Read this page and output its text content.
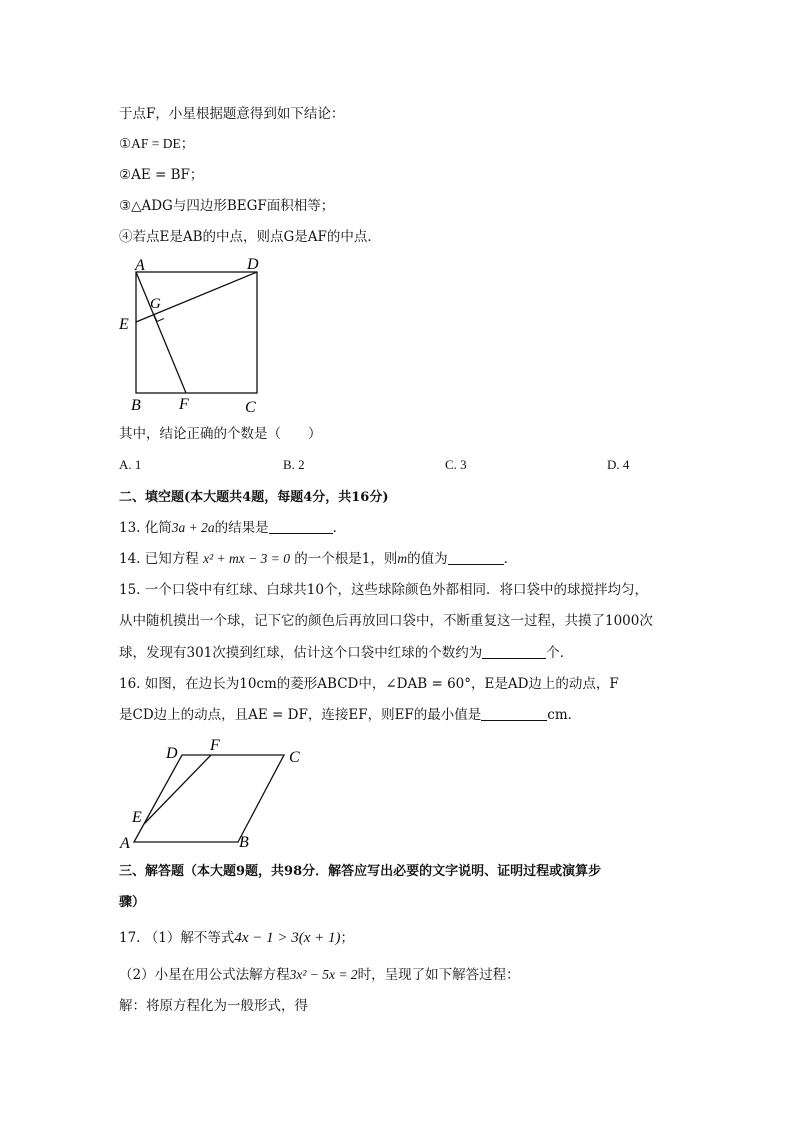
于点F，小星根据题意得到如下结论：
①AF = DE；
②AE = BF；
③△ADG与四边形BEGF面积相等；
④若点E是AB的中点，则点G是AF的中点．
A	D
G
E
B F	C
其中，结论正确的个数是（　　）
A. 1	B. 2	C. 3	D. 4
二、填空题(本大题共4题，每题4分，共16分)
13. 化简3a + 2a的结果是	．
14. 已知方程 x² + mx − 3 = 0 的一个根是1，则m的值为	．
15. 一个口袋中有红球、白球共10个，这些球除颜色外都相同．将口袋中的球搅拌均匀，
从中随机摸出一个球，记下它的颜色后再放回口袋中，不断重复这一过程，共摸了1000次
球，发现有301次摸到红球，估计这个口袋中红球的个数约为	个．
16. 如图，在边长为10cm的菱形ABCD中，∠DAB = 60°，E是AD边上的动点，F
是CD边上的动点，且AE = DF，连接EF，则EF的最小值是	cm．
D F
C
E
A	B
三、解答题（本大题9题，共98分．解答应写出必要的文字说明、证明过程或演算步
骤）
17. （1）解不等式4x − 1 > 3(x + 1)；
（2）小星在用公式法解方程3x² − 5x = 2时，呈现了如下解答过程：
解：将原方程化为一般形式，得
